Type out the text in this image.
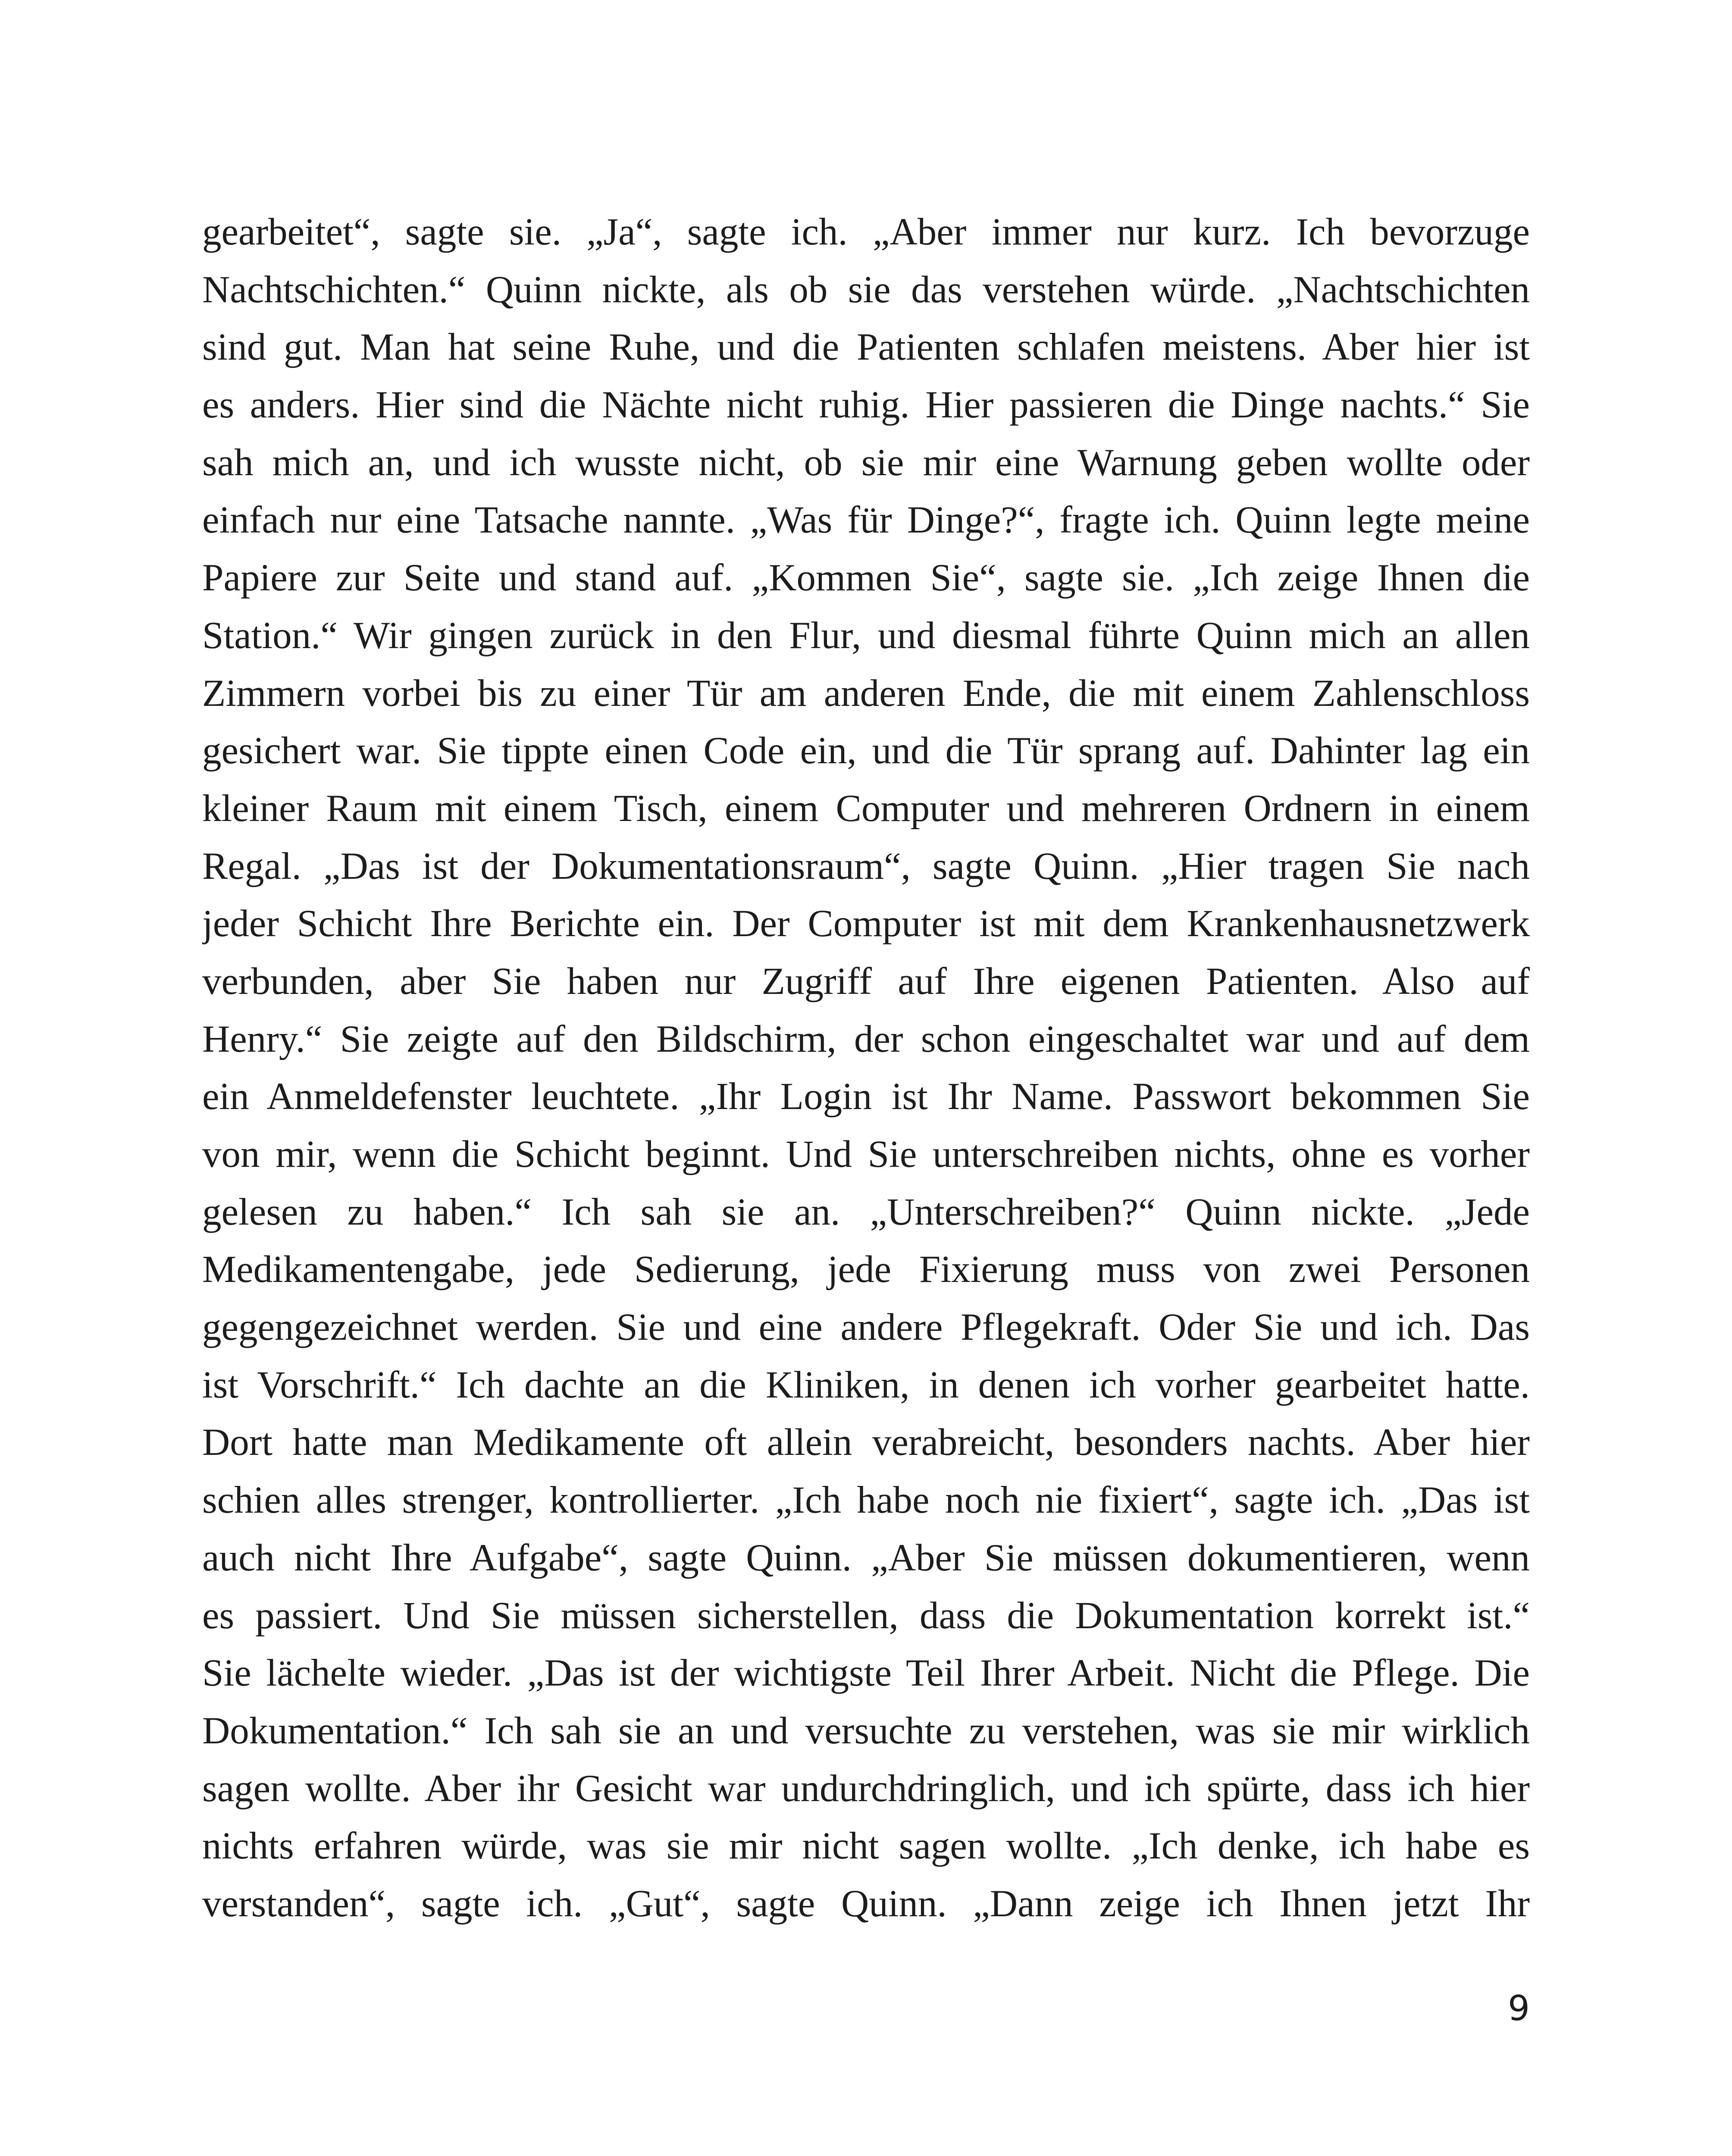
gearbeitet“, sagte sie. „Ja“, sagte ich. „Aber immer nur kurz. Ich bevorzuge
Nachtschichten.“ Quinn nickte, als ob sie das verstehen würde. „Nachtschichten
sind gut. Man hat seine Ruhe, und die Patienten schlafen meistens. Aber hier ist
es anders. Hier sind die Nächte nicht ruhig. Hier passieren die Dinge nachts.“ Sie
sah mich an, und ich wusste nicht, ob sie mir eine Warnung geben wollte oder
einfach nur eine Tatsache nannte. „Was für Dinge?“, fragte ich. Quinn legte meine
Papiere zur Seite und stand auf. „Kommen Sie“, sagte sie. „Ich zeige Ihnen die
Station.“ Wir gingen zurück in den Flur, und diesmal führte Quinn mich an allen
Zimmern vorbei bis zu einer Tür am anderen Ende, die mit einem Zahlenschloss
gesichert war. Sie tippte einen Code ein, und die Tür sprang auf. Dahinter lag ein
kleiner Raum mit einem Tisch, einem Computer und mehreren Ordnern in einem
Regal. „Das ist der Dokumentationsraum“, sagte Quinn. „Hier tragen Sie nach
jeder Schicht Ihre Berichte ein. Der Computer ist mit dem Krankenhausnetzwerk
verbunden, aber Sie haben nur Zugriff auf Ihre eigenen Patienten. Also auf
Henry.“ Sie zeigte auf den Bildschirm, der schon eingeschaltet war und auf dem
ein Anmeldefenster leuchtete. „Ihr Login ist Ihr Name. Passwort bekommen Sie
von mir, wenn die Schicht beginnt. Und Sie unterschreiben nichts, ohne es vorher
gelesen zu haben.“ Ich sah sie an. „Unterschreiben?“ Quinn nickte. „Jede
Medikamentengabe, jede Sedierung, jede Fixierung muss von zwei Personen
gegengezeichnet werden. Sie und eine andere Pflegekraft. Oder Sie und ich. Das
ist Vorschrift.“ Ich dachte an die Kliniken, in denen ich vorher gearbeitet hatte.
Dort hatte man Medikamente oft allein verabreicht, besonders nachts. Aber hier
schien alles strenger, kontrollierter. „Ich habe noch nie fixiert“, sagte ich. „Das ist
auch nicht Ihre Aufgabe“, sagte Quinn. „Aber Sie müssen dokumentieren, wenn
es passiert. Und Sie müssen sicherstellen, dass die Dokumentation korrekt ist.“
Sie lächelte wieder. „Das ist der wichtigste Teil Ihrer Arbeit. Nicht die Pflege. Die
Dokumentation.“ Ich sah sie an und versuchte zu verstehen, was sie mir wirklich
sagen wollte. Aber ihr Gesicht war undurchdringlich, und ich spürte, dass ich hier
nichts erfahren würde, was sie mir nicht sagen wollte. „Ich denke, ich habe es
verstanden“, sagte ich. „Gut“, sagte Quinn. „Dann zeige ich Ihnen jetzt Ihr

9
